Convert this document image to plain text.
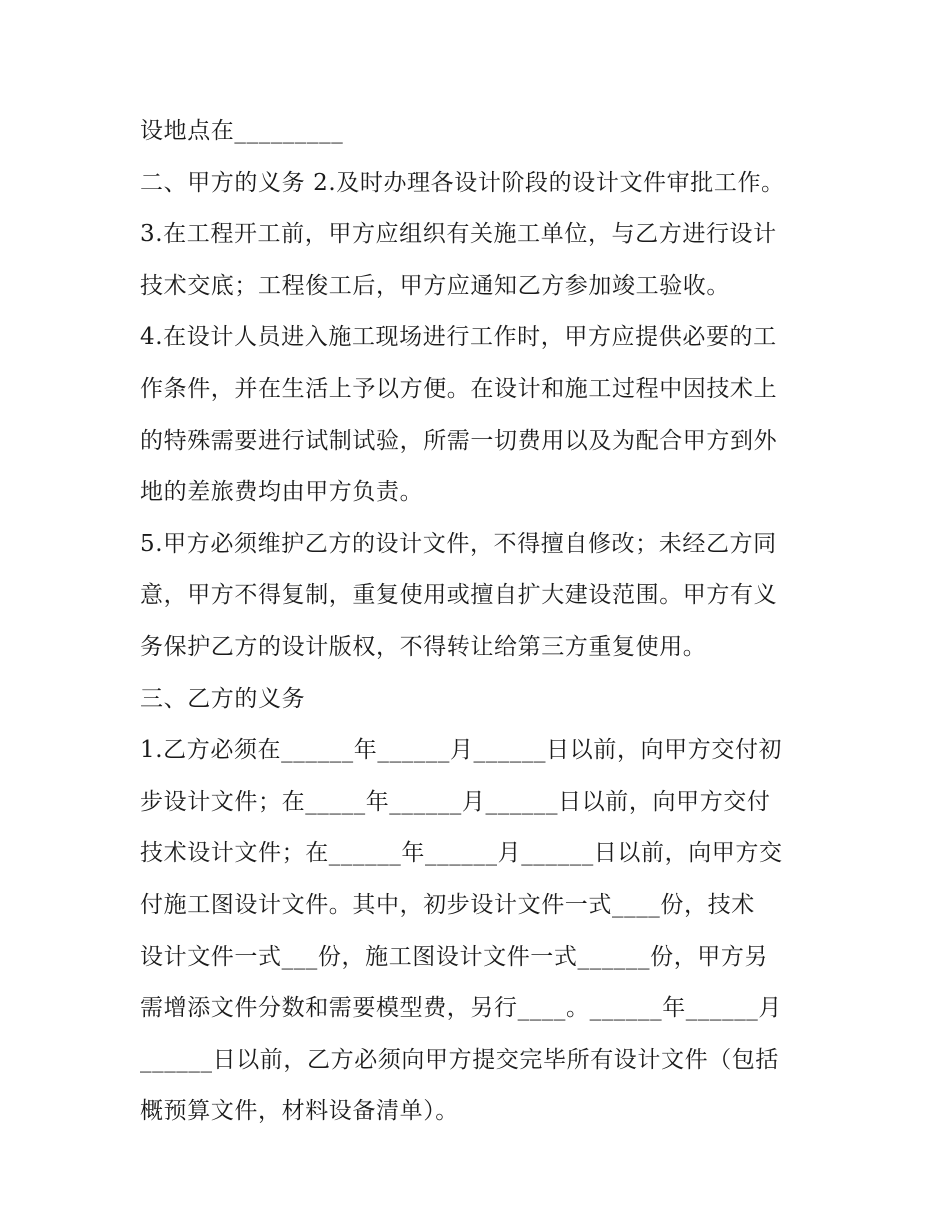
设地点在_________
二、甲方的义务 2.及时办理各设计阶段的设计文件审批工作。
3.在工程开工前，甲方应组织有关施工单位，与乙方进行设计
技术交底；工程俊工后，甲方应通知乙方参加竣工验收。
4.在设计人员进入施工现场进行工作时，甲方应提供必要的工
作条件，并在生活上予以方便。在设计和施工过程中因技术上
的特殊需要进行试制试验，所需一切费用以及为配合甲方到外
地的差旅费均由甲方负责。
5.甲方必须维护乙方的设计文件，不得擅自修改；未经乙方同
意，甲方不得复制，重复使用或擅自扩大建设范围。甲方有义
务保护乙方的设计版权，不得转让给第三方重复使用。
三、乙方的义务
1.乙方必须在______年______月______日以前，向甲方交付初
步设计文件；在_____年______月______日以前，向甲方交付
技术设计文件；在______年______月______日以前，向甲方交
付施工图设计文件。其中，初步设计文件一式____份，技术
设计文件一式___份，施工图设计文件一式______份，甲方另
需增添文件分数和需要模型费，另行____。______年______月
______日以前，乙方必须向甲方提交完毕所有设计文件（包括
概预算文件，材料设备清单）。
